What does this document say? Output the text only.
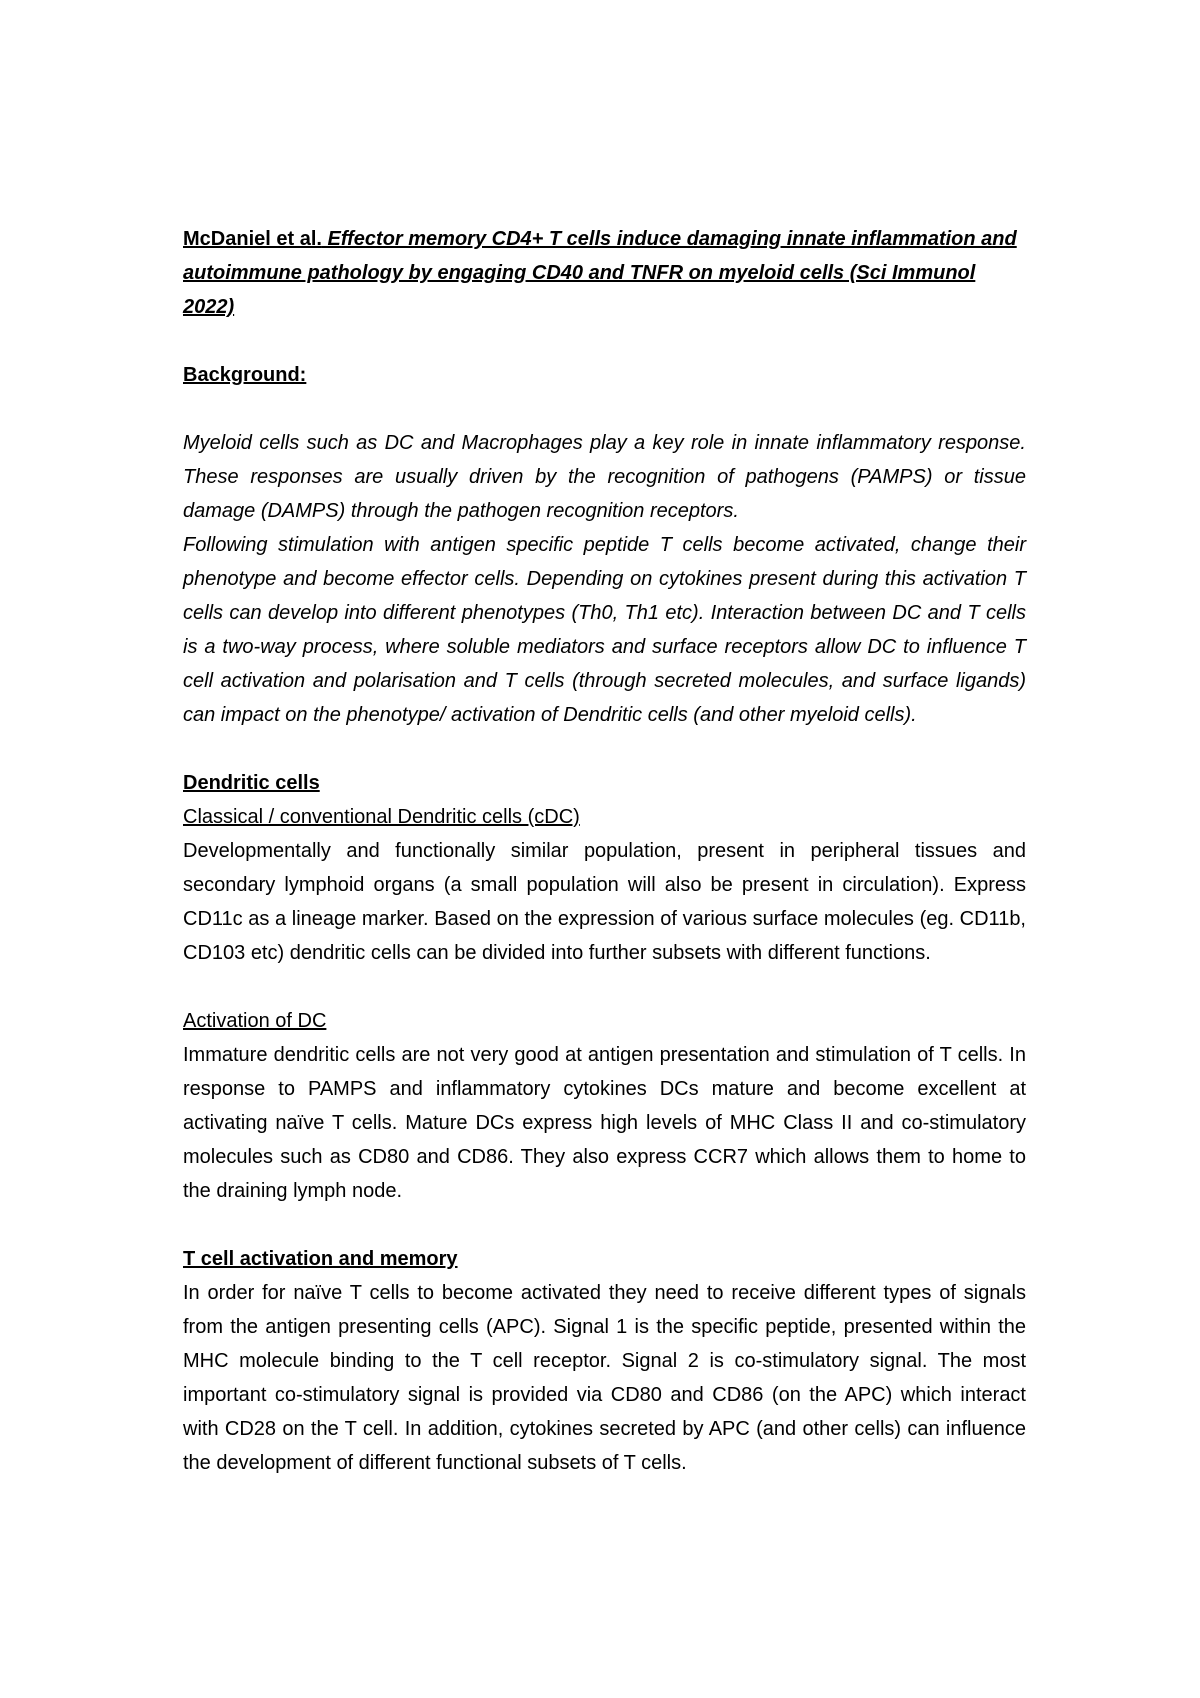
McDaniel et al. Effector memory CD4+ T cells induce damaging innate inflammation and autoimmune pathology by engaging CD40 and TNFR on myeloid cells (Sci Immunol 2022)

Background:

Myeloid cells such as DC and Macrophages play a key role in innate inflammatory response. These responses are usually driven by the recognition of pathogens (PAMPS) or tissue damage (DAMPS) through the pathogen recognition receptors.

Following stimulation with antigen specific peptide T cells become activated, change their phenotype and become effector cells. Depending on cytokines present during this activation T cells can develop into different phenotypes (Th0, Th1 etc). Interaction between DC and T cells is a two-way process, where soluble mediators and surface receptors allow DC to influence T cell activation and polarisation and T cells (through secreted molecules, and surface ligands) can impact on the phenotype/ activation of Dendritic cells (and other myeloid cells).

Dendritic cells

Classical / conventional Dendritic cells (cDC)

Developmentally and functionally similar population, present in peripheral tissues and secondary lymphoid organs (a small population will also be present in circulation). Express CD11c as a lineage marker. Based on the expression of various surface molecules (eg. CD11b, CD103 etc) dendritic cells can be divided into further subsets with different functions.

Activation of DC

Immature dendritic cells are not very good at antigen presentation and stimulation of T cells. In response to PAMPS and inflammatory cytokines DCs mature and become excellent at activating naïve T cells. Mature DCs express high levels of MHC Class II and co-stimulatory molecules such as CD80 and CD86. They also express CCR7 which allows them to home to the draining lymph node.

T cell activation and memory

In order for naïve T cells to become activated they need to receive different types of signals from the antigen presenting cells (APC). Signal 1 is the specific peptide, presented within the MHC molecule binding to the T cell receptor. Signal 2 is co-stimulatory signal. The most important co-stimulatory signal is provided via CD80 and CD86 (on the APC) which interact with CD28 on the T cell. In addition, cytokines secreted by APC (and other cells) can influence the development of different functional subsets of T cells.
